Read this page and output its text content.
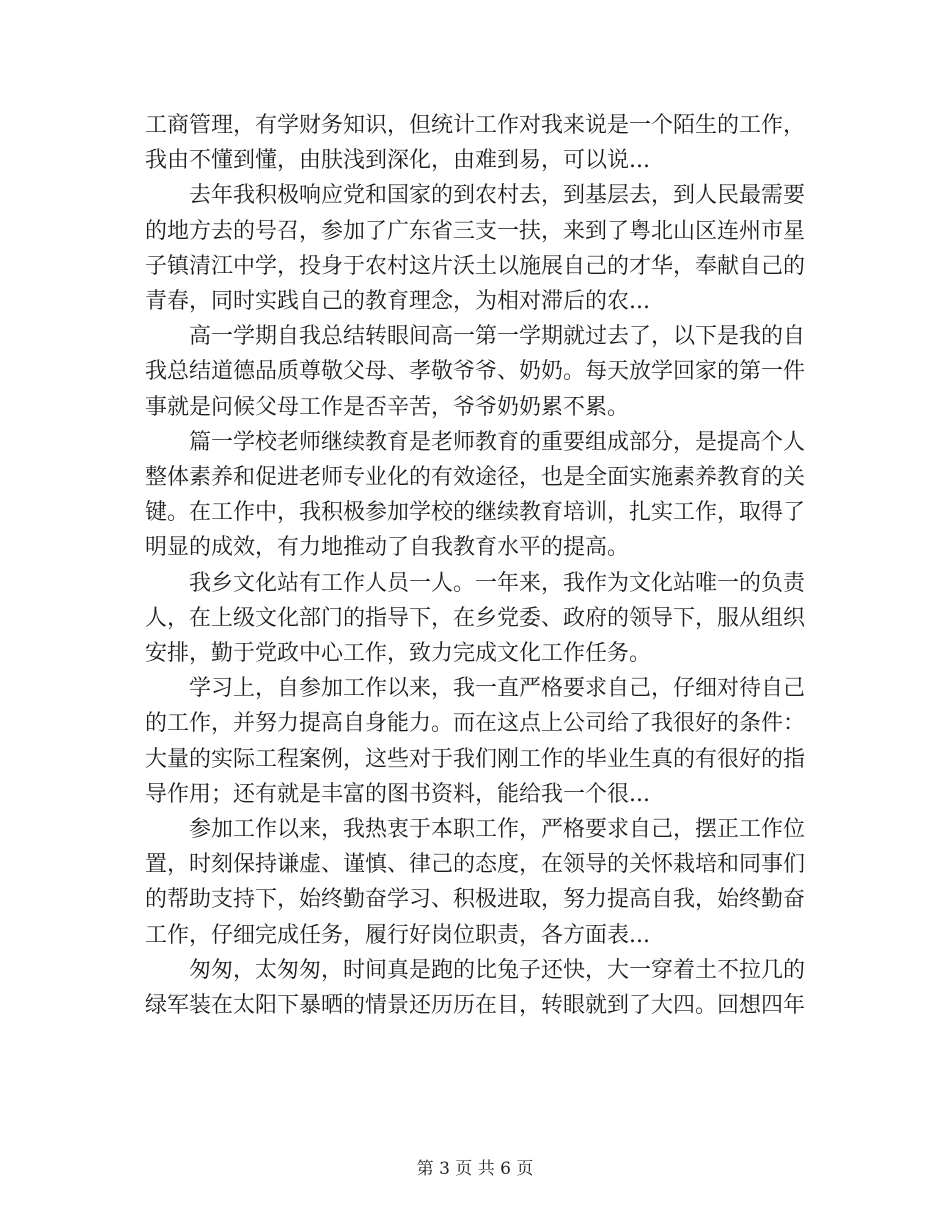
工商管理，有学财务知识，但统计工作对我来说是一个陌生的工作，我由不懂到懂，由肤浅到深化，由难到易，可以说...

去年我积极响应党和国家的到农村去，到基层去，到人民最需要的地方去的号召，参加了广东省三支一扶，来到了粤北山区连州市星子镇清江中学，投身于农村这片沃土以施展自己的才华，奉献自己的青春，同时实践自己的教育理念，为相对滞后的农...

高一学期自我总结转眼间高一第一学期就过去了，以下是我的自我总结道德品质尊敬父母、孝敬爷爷、奶奶。每天放学回家的第一件事就是问候父母工作是否辛苦，爷爷奶奶累不累。

篇一学校老师继续教育是老师教育的重要组成部分，是提高个人整体素养和促进老师专业化的有效途径，也是全面实施素养教育的关键。在工作中，我积极参加学校的继续教育培训，扎实工作，取得了明显的成效，有力地推动了自我教育水平的提高。

我乡文化站有工作人员一人。一年来，我作为文化站唯一的负责人，在上级文化部门的指导下，在乡党委、政府的领导下，服从组织安排，勤于党政中心工作，致力完成文化工作任务。

学习上，自参加工作以来，我一直严格要求自己，仔细对待自己的工作，并努力提高自身能力。而在这点上公司给了我很好的条件：大量的实际工程案例，这些对于我们刚工作的毕业生真的有很好的指导作用；还有就是丰富的图书资料，能给我一个很...

参加工作以来，我热衷于本职工作，严格要求自己，摆正工作位置，时刻保持谦虚、谨慎、律己的态度，在领导的关怀栽培和同事们的帮助支持下，始终勤奋学习、积极进取，努力提高自我，始终勤奋工作，仔细完成任务，履行好岗位职责，各方面表...

匆匆，太匆匆，时间真是跑的比兔子还快，大一穿着土不拉几的绿军装在太阳下暴晒的情景还历历在目，转眼就到了大四。回想四年

第 3 页 共 6 页
